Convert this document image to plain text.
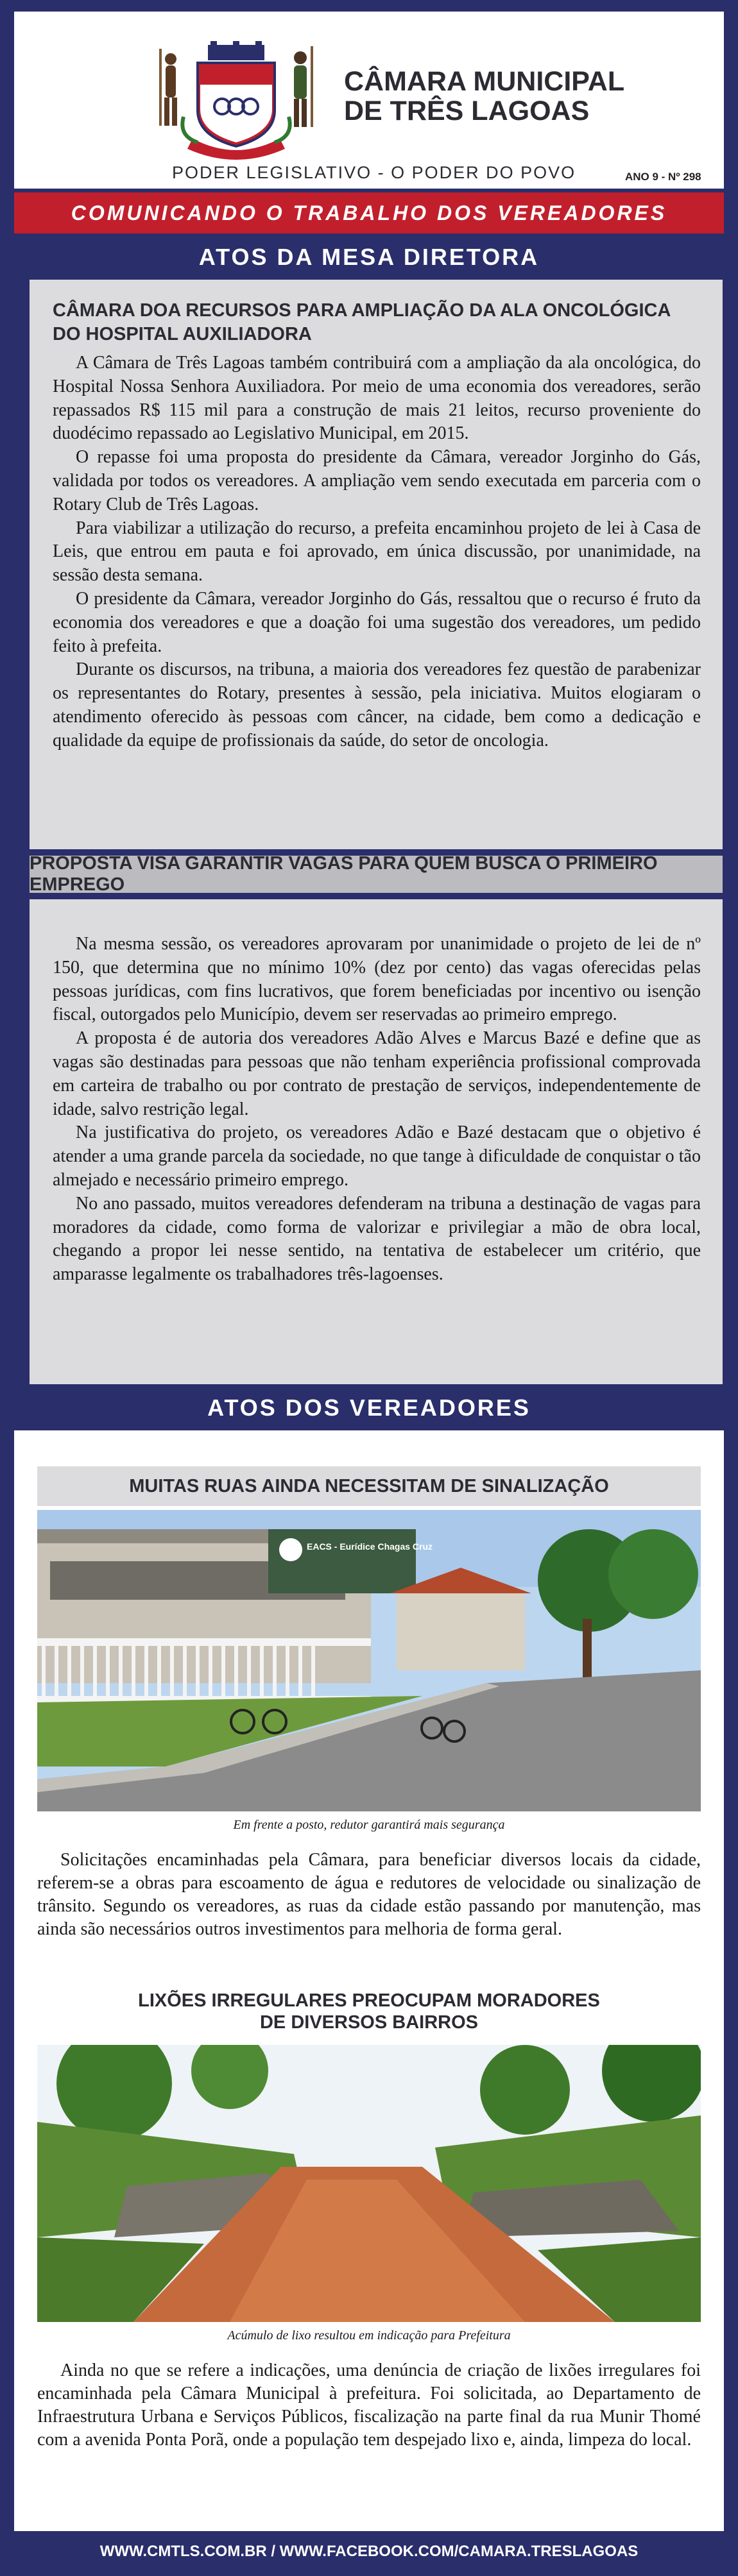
CÂMARA MUNICIPAL
DE TRÊS LAGOAS
PODER LEGISLATIVO - O PODER DO POVO	ANO 9 - Nº 298
COMUNICANDO O TRABALHO DOS VEREADORES
ATOS DA MESA DIRETORA
CÂMARA DOA RECURSOS PARA AMPLIAÇÃO DA ALA ONCOLÓGICA DO HOSPITAL AUXILIADORA

A Câmara de Três Lagoas também contribuirá com a ampliação da ala oncológica, do Hospital Nossa Senhora Auxiliadora. Por meio de uma economia dos vereadores, serão repassados R$ 115 mil para a construção de mais 21 leitos, recurso proveniente do duodécimo repassado ao Legislativo Municipal, em 2015.

O repasse foi uma proposta do presidente da Câmara, vereador Jorginho do Gás, validada por todos os vereadores. A ampliação vem sendo executada em parceria com o Rotary Club de Três Lagoas.

Para viabilizar a utilização do recurso, a prefeita encaminhou projeto de lei à Casa de Leis, que entrou em pauta e foi aprovado, em única discussão, por unanimidade, na sessão desta semana.

O presidente da Câmara, vereador Jorginho do Gás, ressaltou que o recurso é fruto da economia dos vereadores e que a doação foi uma sugestão dos vereadores, um pedido feito à prefeita.

Durante os discursos, na tribuna, a maioria dos vereadores fez questão de parabenizar os representantes do Rotary, presentes à sessão, pela iniciativa. Muitos elogiaram o atendimento oferecido às pessoas com câncer, na cidade, bem como a dedicação e qualidade da equipe de profissionais da saúde, do setor de oncologia.

PROPOSTA VISA GARANTIR VAGAS PARA QUEM BUSCA O PRIMEIRO EMPREGO

Na mesma sessão, os vereadores aprovaram por unanimidade o projeto de lei de nº 150, que determina que no mínimo 10% (dez por cento) das vagas oferecidas pelas pessoas jurídicas, com fins lucrativos, que forem beneficiadas por incentivo ou isenção fiscal, outorgados pelo Município, devem ser reservadas ao primeiro emprego.

A proposta é de autoria dos vereadores Adão Alves e Marcus Bazé e define que as vagas são destinadas para pessoas que não tenham experiência profissional comprovada em carteira de trabalho ou por contrato de prestação de serviços, independentemente de idade, salvo restrição legal.

Na justificativa do projeto, os vereadores Adão e Bazé destacam que o objetivo é atender a uma grande parcela da sociedade, no que tange à dificuldade de conquistar o tão almejado e necessário primeiro emprego.

No ano passado, muitos vereadores defenderam na tribuna a destinação de vagas para moradores da cidade, como forma de valorizar e privilegiar a mão de obra local, chegando a propor lei nesse sentido, na tentativa de estabelecer um critério, que amparasse legalmente os trabalhadores três-lagoenses.

ATOS DOS VEREADORES
MUITAS RUAS AINDA NECESSITAM DE SINALIZAÇÃO
EACS - Eurídice Chagas Cruz
Em frente a posto, redutor garantirá mais segurança

Solicitações encaminhadas pela Câmara, para beneficiar diversos locais da cidade, referem-se a obras para escoamento de água e redutores de velocidade ou sinalização de trânsito. Segundo os vereadores, as ruas da cidade estão passando por manutenção, mas ainda são necessários outros investimentos para melhoria de forma geral.

LIXÕES IRREGULARES PREOCUPAM MORADORES
DE DIVERSOS BAIRROS
Acúmulo de lixo resultou em indicação para Prefeitura

Ainda no que se refere a indicações, uma denúncia de criação de lixões irregulares foi encaminhada pela Câmara Municipal à prefeitura. Foi solicitada, ao Departamento de Infraestrutura Urbana e Serviços Públicos, fiscalização na parte final da rua Munir Thomé com a avenida Ponta Porã, onde a população tem despejado lixo e, ainda, limpeza do local.

WWW.CMTLS.COM.BR / WWW.FACEBOOK.COM/CAMARA.TRESLAGOAS
